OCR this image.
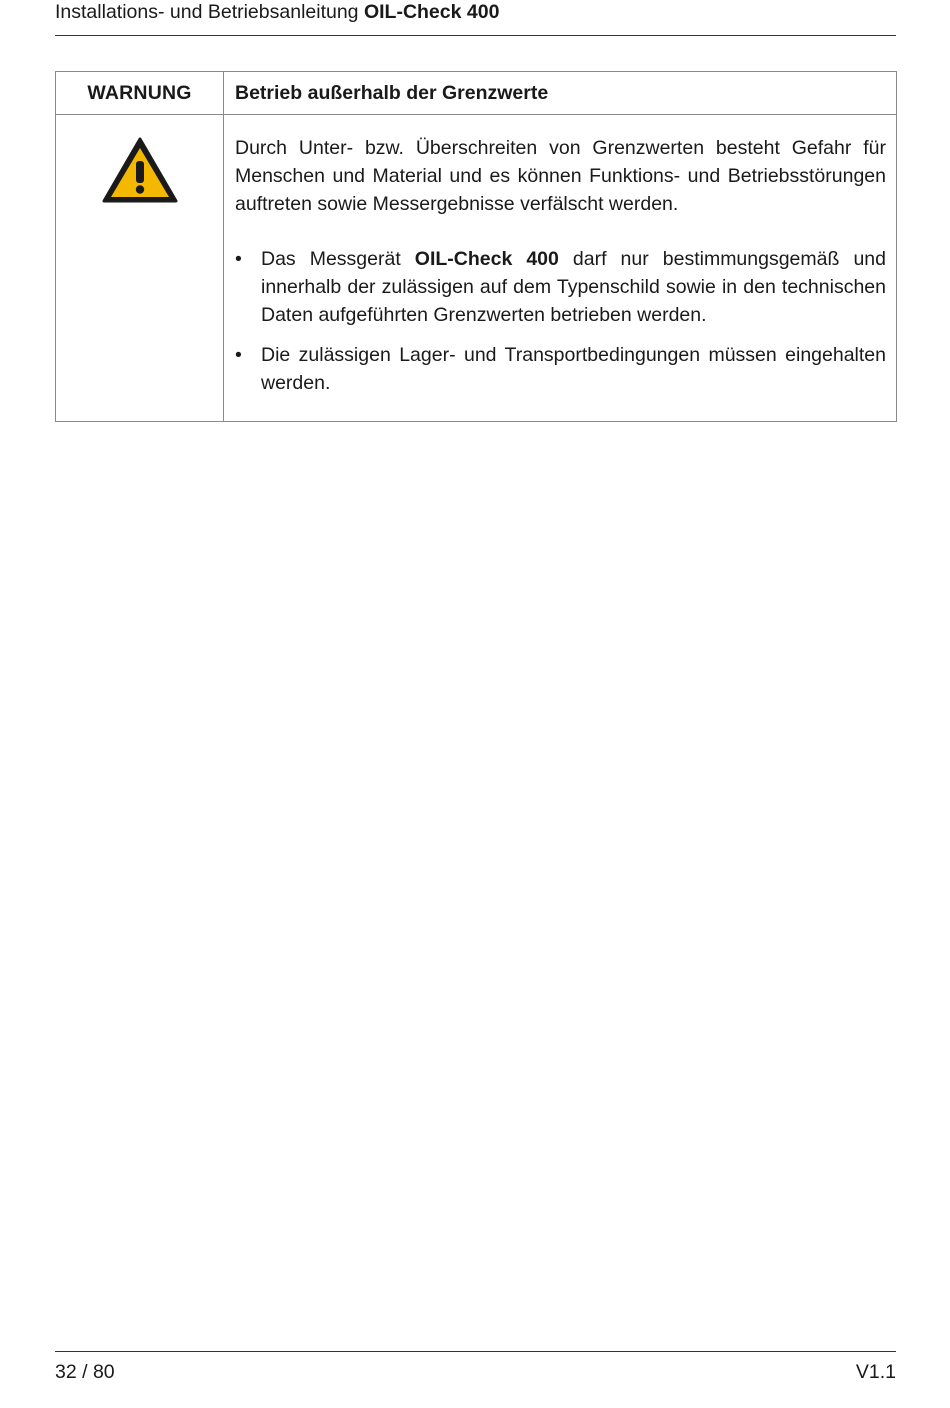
Installations- und Betriebsanleitung OIL-Check 400
WARNUNG	Betrieb außerhalb der Grenzwerte

Durch Unter- bzw. Überschreiten von Grenzwerten besteht Gefahr für Menschen und Material und es können Funktions- und Betriebsstörungen auftreten sowie Messergebnisse verfälscht werden.

• Das Messgerät OIL-Check 400 darf nur bestimmungsgemäß und innerhalb der zulässigen auf dem Typenschild sowie in den technischen Daten aufgeführten Grenzwerten betrieben werden.
• Die zulässigen Lager- und Transportbedingungen müssen eingehalten werden.
32 / 80	V1.1
